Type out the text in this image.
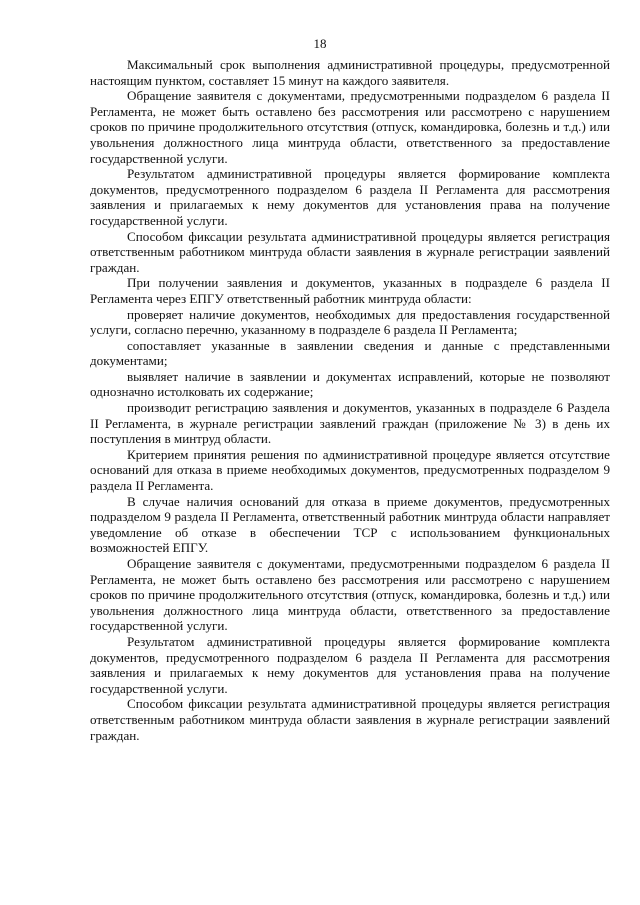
18

Максимальный срок выполнения административной процедуры, предусмотренной настоящим пунктом, составляет 15 минут на каждого заявителя.

Обращение заявителя с документами, предусмотренными подразделом 6 раздела II Регламента, не может быть оставлено без рассмотрения или рассмотрено с нарушением сроков по причине продолжительного отсутствия (отпуск, командировка, болезнь и т.д.) или увольнения должностного лица минтруда области, ответственного за предоставление государственной услуги.

Результатом административной процедуры является формирование комплекта документов, предусмотренного подразделом 6 раздела II Регламента для рассмотрения заявления и прилагаемых к нему документов для установления права на получение государственной услуги.

Способом фиксации результата административной процедуры является регистрация ответственным работником минтруда области заявления в журнале регистрации заявлений граждан.

При получении заявления и документов, указанных в подразделе 6 раздела II Регламента через ЕПГУ ответственный работник минтруда области:

проверяет наличие документов, необходимых для предоставления государственной услуги, согласно перечню, указанному в подразделе 6 раздела II Регламента;

сопоставляет указанные в заявлении сведения и данные с представленными документами;

выявляет наличие в заявлении и документах исправлений, которые не позволяют однозначно истолковать их содержание;

производит регистрацию заявления и документов, указанных в подразделе 6 Раздела II Регламента, в журнале регистрации заявлений граждан (приложение № 3) в день их поступления в минтруд области.

Критерием принятия решения по административной процедуре является отсутствие оснований для отказа в приеме необходимых документов, предусмотренных подразделом 9 раздела II Регламента.

В случае наличия оснований для отказа в приеме документов, предусмотренных подразделом 9 раздела II Регламента, ответственный работник минтруда области направляет уведомление об отказе в обеспечении ТСР с использованием функциональных возможностей ЕПГУ.

Обращение заявителя с документами, предусмотренными подразделом 6 раздела II Регламента, не может быть оставлено без рассмотрения или рассмотрено с нарушением сроков по причине продолжительного отсутствия (отпуск, командировка, болезнь и т.д.) или увольнения должностного лица минтруда области, ответственного за предоставление государственной услуги.

Результатом административной процедуры является формирование комплекта документов, предусмотренного подразделом 6 раздела II Регламента для рассмотрения заявления и прилагаемых к нему документов для установления права на получение государственной услуги.

Способом фиксации результата административной процедуры является регистрация ответственным работником минтруда области заявления в журнале регистрации заявлений граждан.
